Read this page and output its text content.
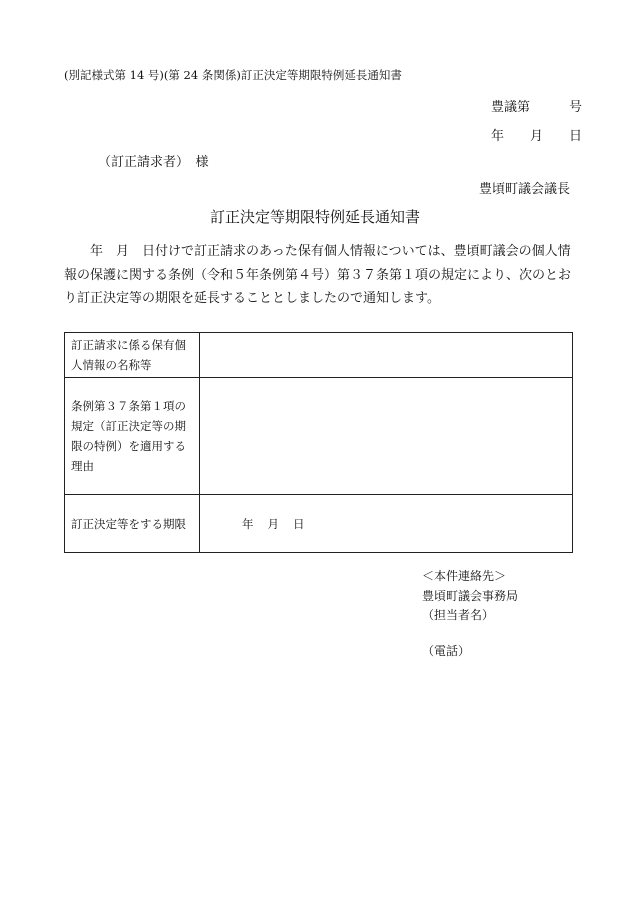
(別記様式第 14 号)(第 24 条関係)訂正決定等期限特例延長通知書
豊議第　　　号
年　　月　　日
（訂正請求者）　様
豊頃町議会議長
訂正決定等期限特例延長通知書
年　月　日付けで訂正請求のあった保有個人情報については、豊頃町議会の個人情報の保護に関する条例（令和５年条例第４号）第３７条第１項の規定により、次のとおり訂正決定等の期限を延長することとしましたので通知します。
訂正請求に係る保有個人情報の名称等	
条例第３７条第１項の規定（訂正決定等の期限の特例）を適用する理由	
訂正決定等をする期限	年 月 日
＜本件連絡先＞
豊頃町議会事務局
（担当者名）
（電話）
